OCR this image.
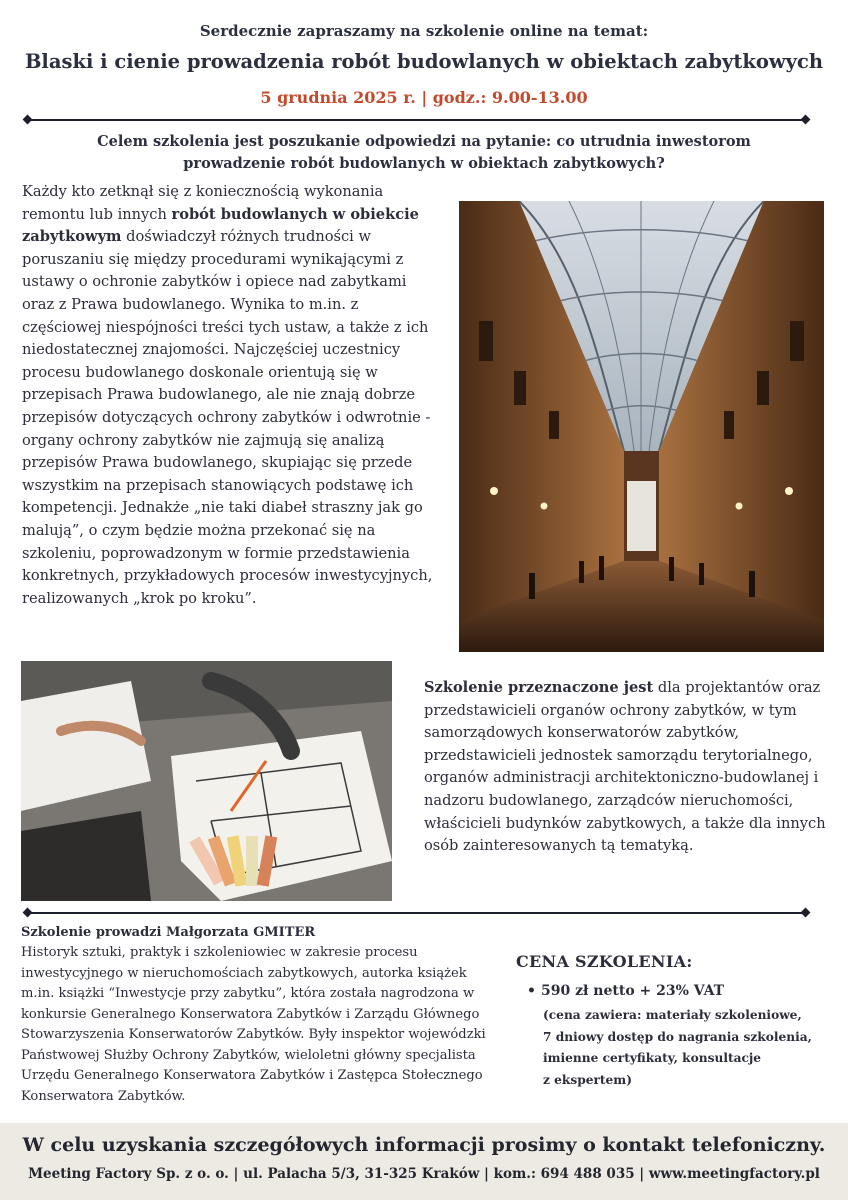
Serdecznie zapraszamy na szkolenie online na temat:
Blaski i cienie prowadzenia robót budowlanych w obiektach zabytkowych
5 grudnia 2025 r. | godz.: 9.00-13.00
Celem szkolenia jest poszukanie odpowiedzi na pytanie: co utrudnia inwestorom
prowadzenie robót budowlanych w obiektach zabytkowych?
Każdy kto zetknął się z koniecznością wykonania remontu lub innych robót budowlanych w obiekcie zabytkowym doświadczył różnych trudności w poruszaniu się między procedurami wynikającymi z ustawy o ochronie zabytków i opiece nad zabytkami oraz z Prawa budowlanego. Wynika to m.in. z częściowej niespójności treści tych ustaw, a także z ich niedostatecznej znajomości. Najczęściej uczestnicy procesu budowlanego doskonale orientują się w przepisach Prawa budowlanego, ale nie znają dobrze przepisów dotyczących ochrony zabytków i odwrotnie - organy ochrony zabytków nie zajmują się analizą przepisów Prawa budowlanego, skupiając się przede wszystkim na przepisach stanowiących podstawę ich kompetencji. Jednakże „nie taki diabeł straszny jak go malują”, o czym będzie można przekonać się na szkoleniu, poprowadzonym w formie przedstawienia konkretnych, przykładowych procesów inwestycyjnych, realizowanych „krok po kroku”.
Szkolenie przeznaczone jest dla projektantów oraz przedstawicieli organów ochrony zabytków, w tym samorządowych konserwatorów zabytków, przedstawicieli jednostek samorządu terytorialnego, organów administracji architektoniczno-budowlanej i nadzoru budowlanego, zarządców nieruchomości, właścicieli budynków zabytkowych, a także dla innych osób zainteresowanych tą tematyką.
Szkolenie prowadzi Małgorzata GMITER
Historyk sztuki, praktyk i szkoleniowiec w zakresie procesu inwestycyjnego w nieruchomościach zabytkowych, autorka książek m.in. książki “Inwestycje przy zabytku”, która została nagrodzona w konkursie Generalnego Konserwatora Zabytków i Zarządu Głównego Stowarzyszenia Konserwatorów Zabytków. Były inspektor wojewódzki Państwowej Służby Ochrony Zabytków, wieloletni główny specjalista Urzędu Generalnego Konserwatora Zabytków i Zastępca Stołecznego Konserwatora Zabytków.
CENA SZKOLENIA:
• 590 zł netto + 23% VAT
(cena zawiera: materiały szkoleniowe,
7 dniowy dostęp do nagrania szkolenia,
imienne certyfikaty, konsultacje
z ekspertem)
W celu uzyskania szczegółowych informacji prosimy o kontakt telefoniczny.
Meeting Factory Sp. z o. o. | ul. Palacha 5/3, 31-325 Kraków | kom.: 694 488 035 | www.meetingfactory.pl
